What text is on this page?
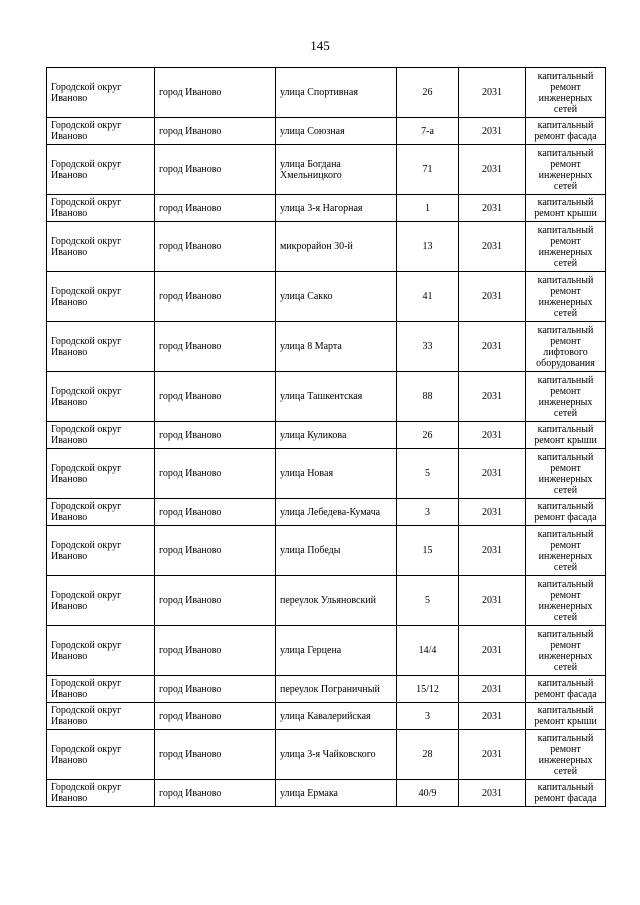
145
Городской округ Иваново	город Иваново	улица Спортивная	26	2031	капитальный ремонт инженерных сетей
Городской округ Иваново	город Иваново	улица Союзная	7-а	2031	капитальный ремонт фасада
Городской округ Иваново	город Иваново	улица Богдана Хмельницкого	71	2031	капитальный ремонт инженерных сетей
Городской округ Иваново	город Иваново	улица 3-я Нагорная	1	2031	капитальный ремонт крыши
Городской округ Иваново	город Иваново	микрорайон 30-й	13	2031	капитальный ремонт инженерных сетей
Городской округ Иваново	город Иваново	улица Сакко	41	2031	капитальный ремонт инженерных сетей
Городской округ Иваново	город Иваново	улица 8 Марта	33	2031	капитальный ремонт лифтового оборудования
Городской округ Иваново	город Иваново	улица Ташкентская	88	2031	капитальный ремонт инженерных сетей
Городской округ Иваново	город Иваново	улица Куликова	26	2031	капитальный ремонт крыши
Городской округ Иваново	город Иваново	улица Новая	5	2031	капитальный ремонт инженерных сетей
Городской округ Иваново	город Иваново	улица Лебедева-Кумача	3	2031	капитальный ремонт фасада
Городской округ Иваново	город Иваново	улица Победы	15	2031	капитальный ремонт инженерных сетей
Городской округ Иваново	город Иваново	переулок Ульяновский	5	2031	капитальный ремонт инженерных сетей
Городской округ Иваново	город Иваново	улица Герцена	14/4	2031	капитальный ремонт инженерных сетей
Городской округ Иваново	город Иваново	переулок Пограничный	15/12	2031	капитальный ремонт фасада
Городской округ Иваново	город Иваново	улица Кавалерийская	3	2031	капитальный ремонт крыши
Городской округ Иваново	город Иваново	улица 3-я Чайковского	28	2031	капитальный ремонт инженерных сетей
Городской округ Иваново	город Иваново	улица Ермака	40/9	2031	капитальный ремонт фасада
